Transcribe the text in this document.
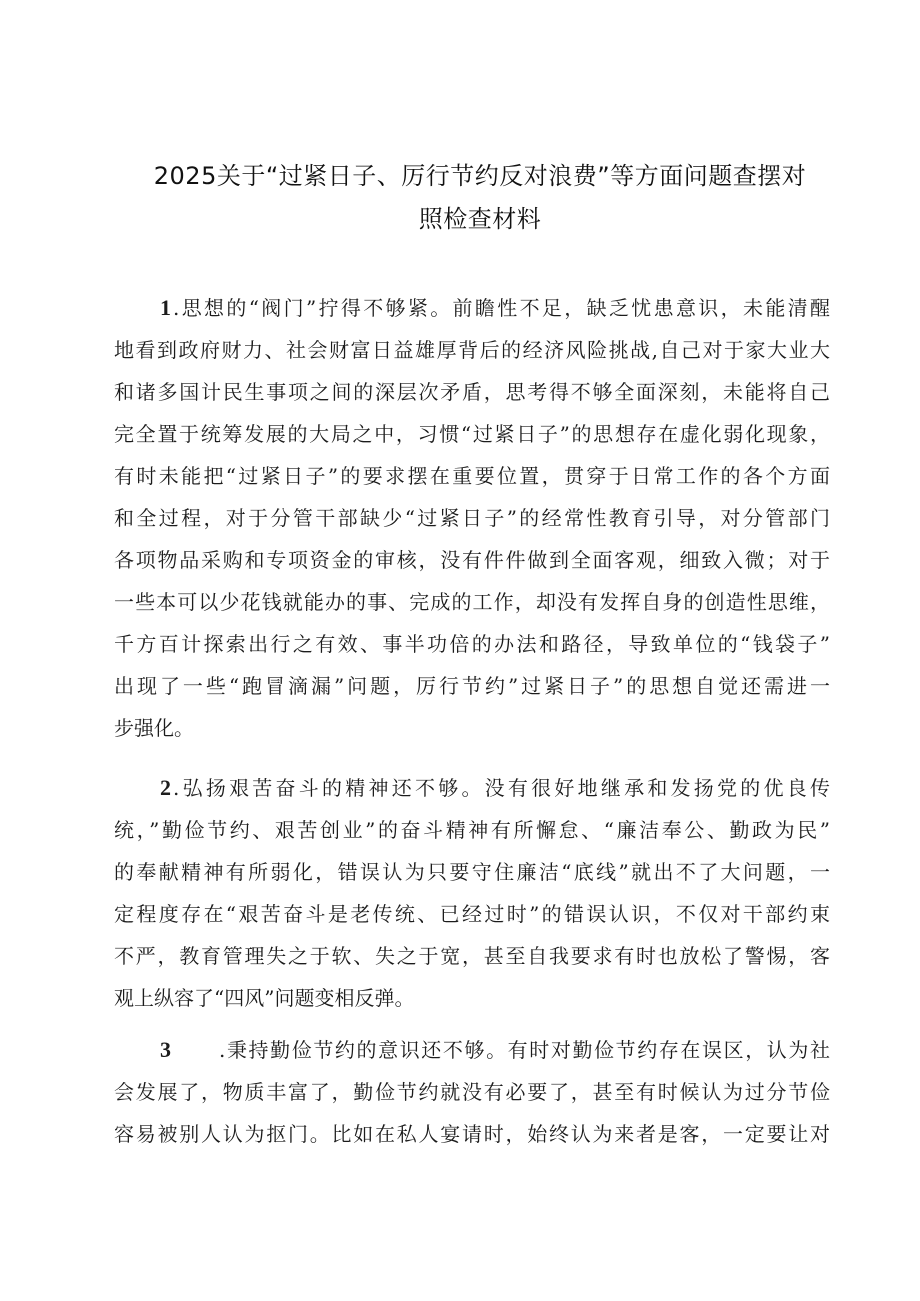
2025关于“过紧日子、厉行节约反对浪费”等方面问题查摆对
照检查材料
1 .思想的“阀门”拧得不够紧。前瞻性不足，缺乏忧患意识，未能清醒
地看到政府财力、社会财富日益雄厚背后的经济风险挑战,自己对于家大业大
和诸多国计民生事项之间的深层次矛盾，思考得不够全面深刻，未能将自己
完全置于统筹发展的大局之中，习惯“过紧日子”的思想存在虚化弱化现象，
有时未能把“过紧日子”的要求摆在重要位置，贯穿于日常工作的各个方面
和全过程，对于分管干部缺少“过紧日子”的经常性教育引导，对分管部门
各项物品采购和专项资金的审核，没有件件做到全面客观，细致入微；对于
一些本可以少花钱就能办的事、完成的工作，却没有发挥自身的创造性思维，
千方百计探索出行之有效、事半功倍的办法和路径，导致单位的“钱袋子”
出现了一些“跑冒滴漏”问题，厉行节约”过紧日子”的思想自觉还需进一
步强化。
2 .弘扬艰苦奋斗的精神还不够。没有很好地继承和发扬党的优良传
统，”勤俭节约、艰苦创业”的奋斗精神有所懈怠、“廉洁奉公、勤政为民”
的奉献精神有所弱化，错误认为只要守住廉洁“底线”就出不了大问题，一
定程度存在“艰苦奋斗是老传统、已经过时”的错误认识，不仅对干部约束
不严，教育管理失之于软、失之于宽，甚至自我要求有时也放松了警惕，客
观上纵容了“四风”问题变相反弹。
3 .秉持勤俭节约的意识还不够。有时对勤俭节约存在误区，认为社
会发展了，物质丰富了，勤俭节约就没有必要了，甚至有时候认为过分节俭
容易被别人认为抠门。比如在私人宴请时，始终认为来者是客，一定要让对
